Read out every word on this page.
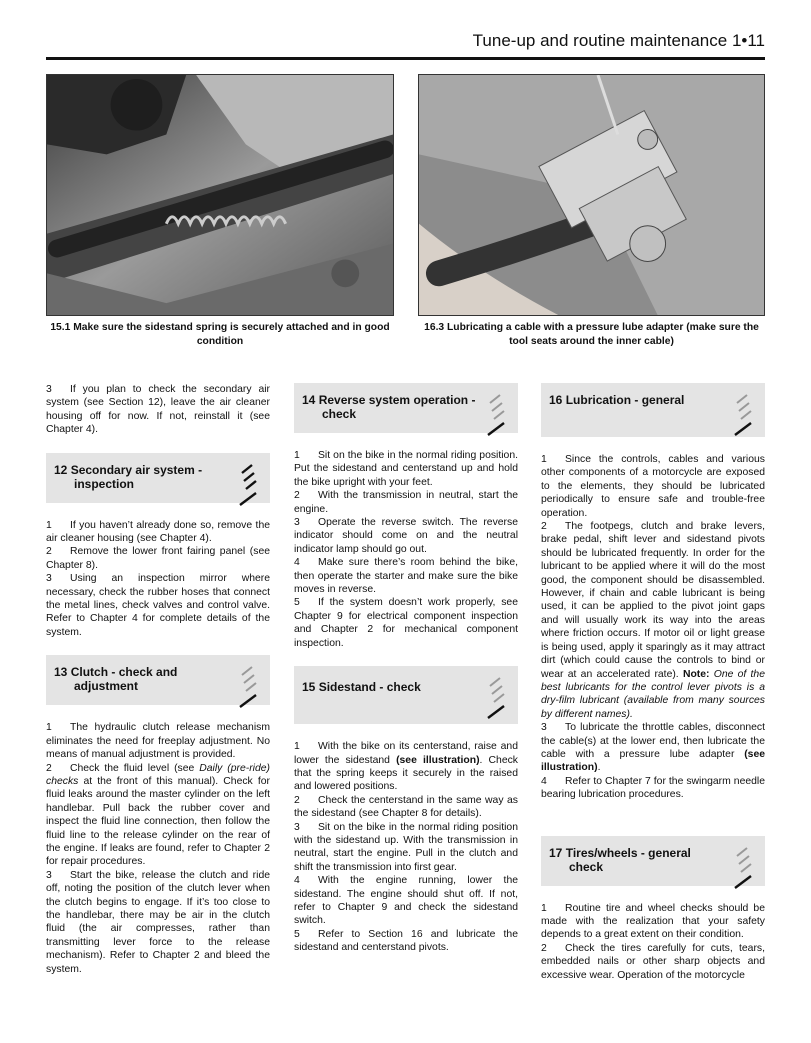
Tune-up and routine maintenance 1•11
15.1 Make sure the sidestand spring is securely attached and in good condition
16.3 Lubricating a cable with a pressure lube adapter (make sure the tool seats around the inner cable)
3 If you plan to check the secondary air system (see Section 12), leave the air cleaner housing off for now. If not, reinstall it (see Chapter 4).
12 Secondary air system - inspection
1 If you haven’t already done so, remove the air cleaner housing (see Chapter 4).
2 Remove the lower front fairing panel (see Chapter 8).
3 Using an inspection mirror where necessary, check the rubber hoses that connect the metal lines, check valves and control valve. Refer to Chapter 4 for complete details of the system.
13 Clutch - check and adjustment
1 The hydraulic clutch release mechanism eliminates the need for freeplay adjustment. No means of manual adjustment is provided.
2 Check the fluid level (see Daily (pre-ride) checks at the front of this manual). Check for fluid leaks around the master cylinder on the left handlebar. Pull back the rubber cover and inspect the fluid line connection, then follow the fluid line to the release cylinder on the rear of the engine. If leaks are found, refer to Chapter 2 for repair procedures.
3 Start the bike, release the clutch and ride off, noting the position of the clutch lever when the clutch begins to engage. If it’s too close to the handlebar, there may be air in the clutch fluid (the air compresses, rather than transmitting lever force to the release mechanism). Refer to Chapter 2 and bleed the system.
14 Reverse system operation - check
1 Sit on the bike in the normal riding position. Put the sidestand and centerstand up and hold the bike upright with your feet.
2 With the transmission in neutral, start the engine.
3 Operate the reverse switch. The reverse indicator should come on and the neutral indicator lamp should go out.
4 Make sure there’s room behind the bike, then operate the starter and make sure the bike moves in reverse.
5 If the system doesn’t work properly, see Chapter 9 for electrical component inspection and Chapter 2 for mechanical component inspection.
15 Sidestand - check
1 With the bike on its centerstand, raise and lower the sidestand (see illustration). Check that the spring keeps it securely in the raised and lowered positions.
2 Check the centerstand in the same way as the sidestand (see Chapter 8 for details).
3 Sit on the bike in the normal riding position with the sidestand up. With the transmission in neutral, start the engine. Pull in the clutch and shift the transmission into first gear.
4 With the engine running, lower the sidestand. The engine should shut off. If not, refer to Chapter 9 and check the sidestand switch.
5 Refer to Section 16 and lubricate the sidestand and centerstand pivots.
16 Lubrication - general
1 Since the controls, cables and various other components of a motorcycle are exposed to the elements, they should be lubricated periodically to ensure safe and trouble-free operation.
2 The footpegs, clutch and brake levers, brake pedal, shift lever and sidestand pivots should be lubricated frequently. In order for the lubricant to be applied where it will do the most good, the component should be disassembled. However, if chain and cable lubricant is being used, it can be applied to the pivot joint gaps and will usually work its way into the areas where friction occurs. If motor oil or light grease is being used, apply it sparingly as it may attract dirt (which could cause the controls to bind or wear at an accelerated rate). Note: One of the best lubricants for the control lever pivots is a dry-film lubricant (available from many sources by different names).
3 To lubricate the throttle cables, disconnect the cable(s) at the lower end, then lubricate the cable with a pressure lube adapter (see illustration).
4 Refer to Chapter 7 for the swingarm needle bearing lubrication procedures.
17 Tires/wheels - general check
1 Routine tire and wheel checks should be made with the realization that your safety depends to a great extent on their condition.
2 Check the tires carefully for cuts, tears, embedded nails or other sharp objects and excessive wear. Operation of the motorcycle
